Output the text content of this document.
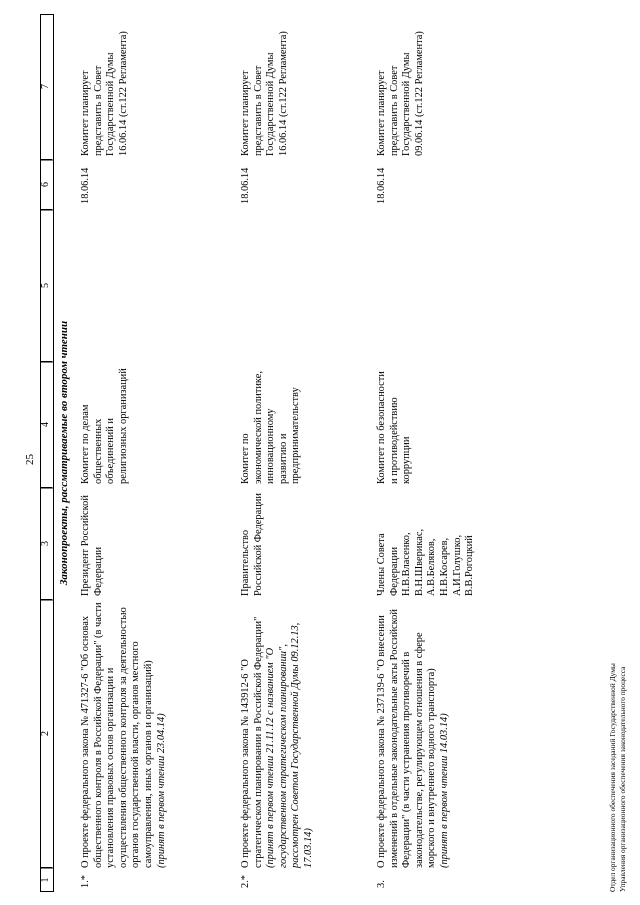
25
1
2
3
4
5
6
7
Законопроекты, рассматриваемые во втором чтении
1.*
О проекте федерального закона № 471327-6 "Об основах общественного контроля в Российской Федерации" (в части установления правовых основ организации и осуществления общественного контроля за деятельностью органов государственной власти, органов местного самоуправления, иных органов и организаций) (принят в первом чтении 23.04.14)
Президент Российской Федерации
Комитет по делам общественных объединений и религиозных организаций
18.06.14
Комитет планирует представить в Совет Государственной Думы 16.06.14 (ст.122 Регламента)
2.*
О проекте федерального закона № 143912-6 "О стратегическом планировании в Российской Федерации" (принят в первом чтении 21.11.12 с названием "О государственном стратегическом планировании", рассмотрен Советом Государственной Думы 09.12.13, 17.03.14)
Правительство Российской Федерации
Комитет по экономической политике, инновационному развитию и предпринимательству
18.06.14
Комитет планирует представить в Совет Государственной Думы 16.06.14 (ст.122 Регламента)
3.
О проекте федерального закона № 237139-6 "О внесении изменений в отдельные законодательные акты Российской Федерации" (в части устранения противоречий в законодательстве, регулирующем отношения в сфере морского и внутреннего водного транспорта) (принят в первом чтении 14.03.14)
Члены Совета Федерации Н.В.Власенко, В.Н.Шверикас, А.В.Беляков, Н.В.Косарев, А.И.Голушко, В.В.Рогоцкий
Комитет по безопасности и противодействию коррупции
18.06.14
Комитет планирует представить в Совет Государственной Думы 09.06.14 (ст.122 Регламента)
Отдел организационного обеспечения заседаний Государственной Думы Управления организационного обеспечения законодательного процесса
